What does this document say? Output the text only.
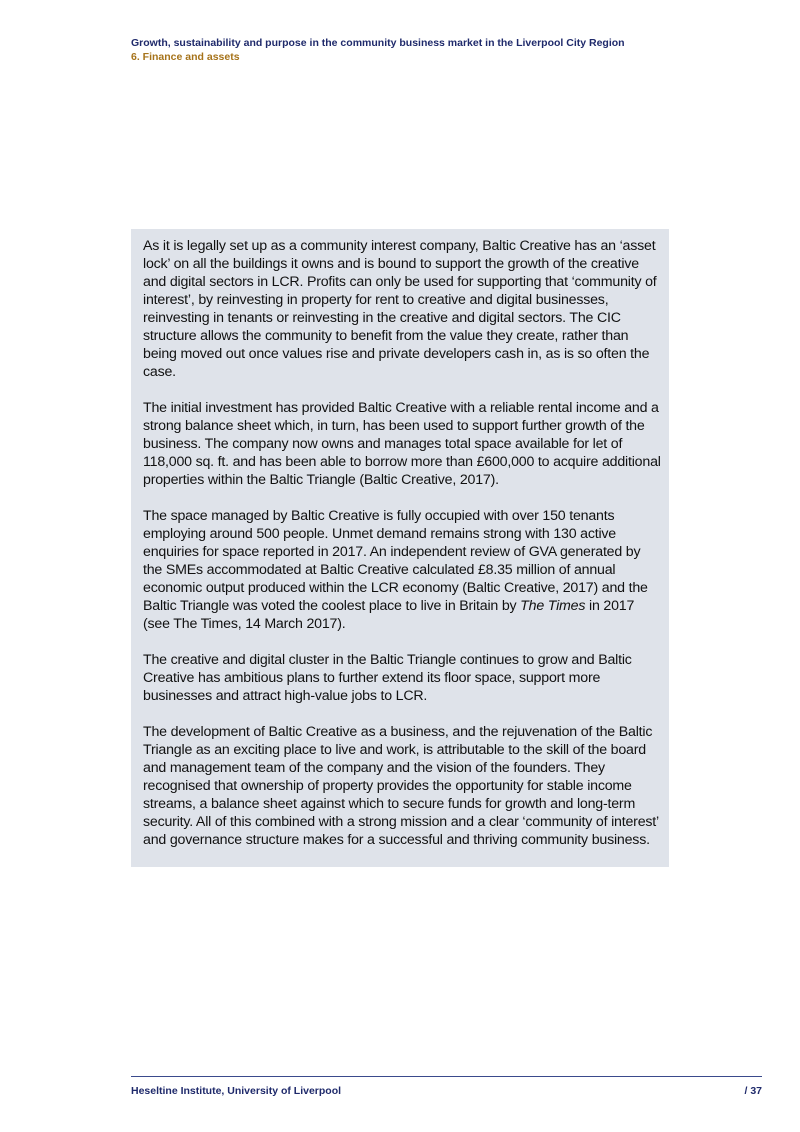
Growth, sustainability and purpose in the community business market in the Liverpool City Region
6. Finance and assets

As it is legally set up as a community interest company, Baltic Creative has an ‘asset lock’ on all the buildings it owns and is bound to support the growth of the creative and digital sectors in LCR. Profits can only be used for supporting that ‘community of interest’, by reinvesting in property for rent to creative and digital businesses, reinvesting in tenants or reinvesting in the creative and digital sectors. The CIC structure allows the community to benefit from the value they create, rather than being moved out once values rise and private developers cash in, as is so often the case.

The initial investment has provided Baltic Creative with a reliable rental income and a strong balance sheet which, in turn, has been used to support further growth of the business. The company now owns and manages total space available for let of 118,000 sq. ft. and has been able to borrow more than £600,000 to acquire additional properties within the Baltic Triangle (Baltic Creative, 2017).

The space managed by Baltic Creative is fully occupied with over 150 tenants employing around 500 people. Unmet demand remains strong with 130 active enquiries for space reported in 2017. An independent review of GVA generated by the SMEs accommodated at Baltic Creative calculated £8.35 million of annual economic output produced within the LCR economy (Baltic Creative, 2017) and the Baltic Triangle was voted the coolest place to live in Britain by The Times in 2017 (see The Times, 14 March 2017).

The creative and digital cluster in the Baltic Triangle continues to grow and Baltic Creative has ambitious plans to further extend its floor space, support more businesses and attract high-value jobs to LCR.

The development of Baltic Creative as a business, and the rejuvenation of the Baltic Triangle as an exciting place to live and work, is attributable to the skill of the board and management team of the company and the vision of the founders. They recognised that ownership of property provides the opportunity for stable income streams, a balance sheet against which to secure funds for growth and long-term security. All of this combined with a strong mission and a clear ‘community of interest’ and governance structure makes for a successful and thriving community business.

Heseltine Institute, University of Liverpool	/ 37
